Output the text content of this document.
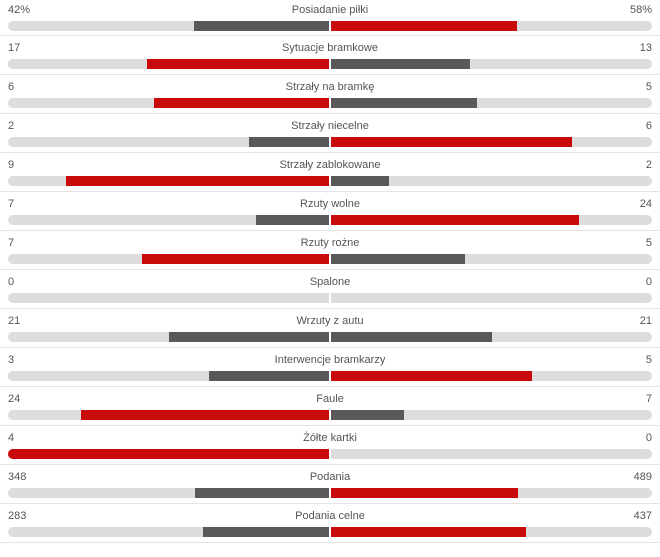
42%	Posiadanie piłki	58%
17	Sytuacje bramkowe	13
6	Strzały na bramkę	5
2	Strzały niecelne	6
9	Strzały zablokowane	2
7	Rzuty wolne	24
7	Rzuty rożne	5
0	Spalone	0
21	Wrzuty z autu	21
3	Interwencje bramkarzy	5
24	Faule	7
4	Żółte kartki	0
348	Podania	489
283	Podania celne	437
